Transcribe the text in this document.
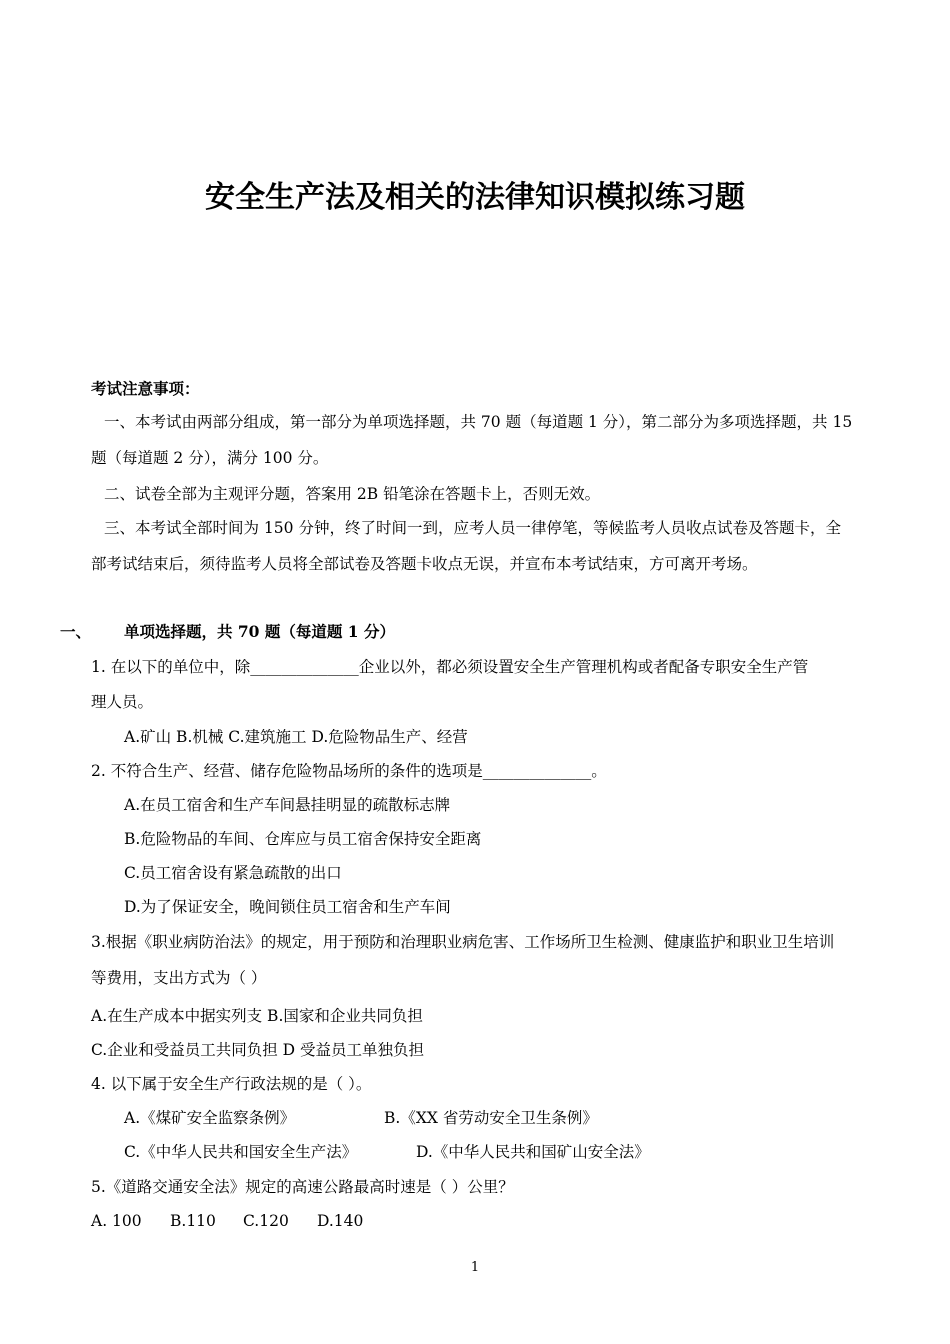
安全生产法及相关的法律知识模拟练习题
考试注意事项：
一、本考试由两部分组成，第一部分为单项选择题，共 70 题（每道题 1 分），第二部分为多项选择题，共 15
题（每道题 2 分），满分 100 分。
二、试卷全部为主观评分题，答案用 2B 铅笔涂在答题卡上，否则无效。
三、本考试全部时间为 150 分钟，终了时间一到，应考人员一律停笔，等候监考人员收点试卷及答题卡，全
部考试结束后，须待监考人员将全部试卷及答题卡收点无误，并宣布本考试结束，方可离开考场。
一、 单项选择题，共 70 题（每道题 1 分）
1. 在以下的单位中，除______________企业以外，都必须设置安全生产管理机构或者配备专职安全生产管
理人员。
A.矿山 B.机械 C.建筑施工 D.危险物品生产、经营
2. 不符合生产、经营、储存危险物品场所的条件的选项是______________。
A.在员工宿舍和生产车间悬挂明显的疏散标志牌
B.危险物品的车间、仓库应与员工宿舍保持安全距离
C.员工宿舍设有紧急疏散的出口
D.为了保证安全，晚间锁住员工宿舍和生产车间
3.根据《职业病防治法》的规定，用于预防和治理职业病危害、工作场所卫生检测、健康监护和职业卫生培训
等费用，支出方式为（ ）
A.在生产成本中据实列支 B.国家和企业共同负担
C.企业和受益员工共同负担 D 受益员工单独负担
4. 以下属于安全生产行政法规的是（ ）。
A.《煤矿安全监察条例》	B.《XX 省劳动安全卫生条例》
C.《中华人民共和国安全生产法》	D.《中华人民共和国矿山安全法》
5.《道路交通安全法》规定的高速公路最高时速是（ ）公里？
A. 100 B.110 C.120 D.140
1
